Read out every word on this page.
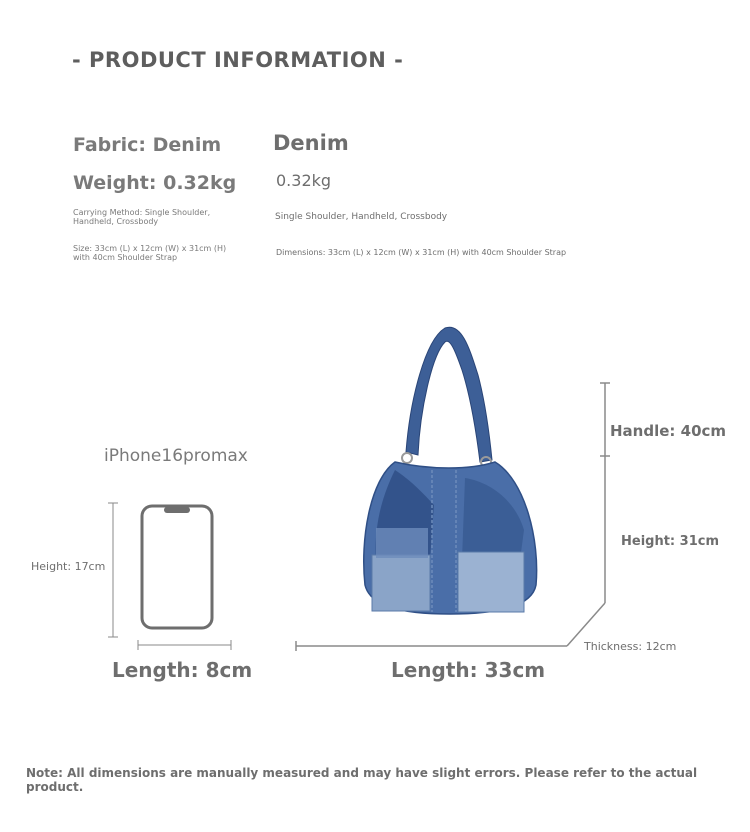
- PRODUCT INFORMATION -
Fabric: Denim Denim
Weight: 0.32kg 0.32kg
Carrying Method: Single Shoulder, Handheld, Crossbody	Single Shoulder, Handheld, Crossbody
Size: 33cm (L) x 12cm (W) x 31cm (H) with 40cm Shoulder Strap
Dimensions: 33cm (L) x 12cm (W) x 31cm (H) with 40cm Shoulder Strap
iPhone16promax
Height: 17cm
Length: 8cm
Handle: 40cm
Height: 31cm
Thickness: 12cm
Length: 33cm
Note: All dimensions are manually measured and may have slight errors. Please refer to the actual product.
